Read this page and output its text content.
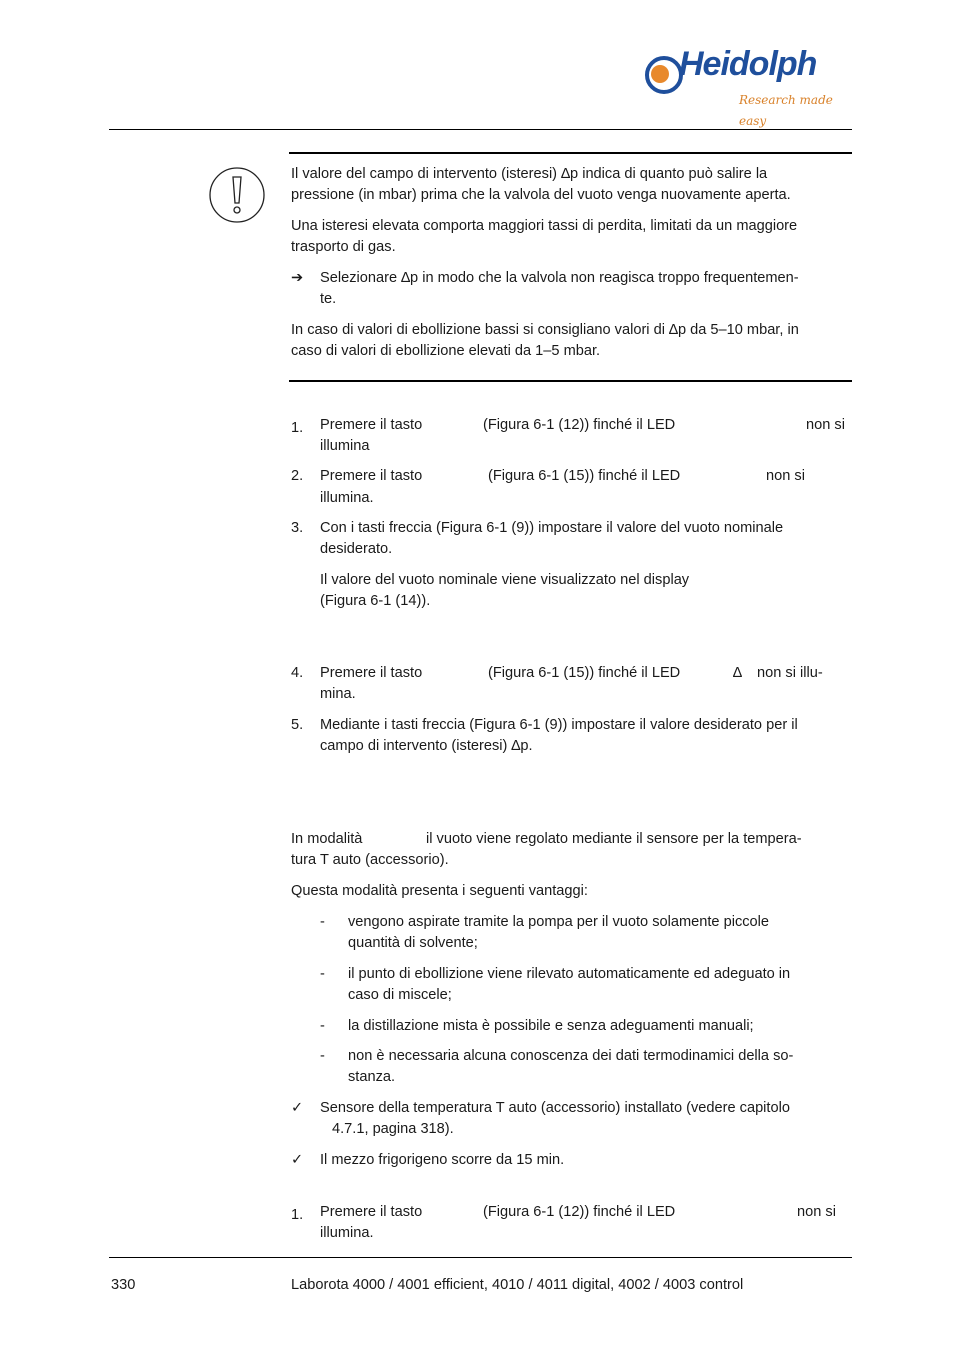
Heidolph
Research made easy
Il valore del campo di intervento (isteresi) ∆p indica di quanto può salire la
pressione (in mbar) prima che la valvola del vuoto venga nuovamente aperta.
Una isteresi elevata comporta maggiori tassi di perdita, limitati da un maggiore
trasporto di gas.
➔ Selezionare ∆p in modo che la valvola non reagisca troppo frequentemen-
te.
In caso di valori di ebollizione bassi si consigliano valori di ∆p da 5–10 mbar, in
caso di valori di ebollizione elevati da 1–5 mbar.
1. Premere il tasto	(Figura 6-1 (12)) finché il LED	non si
illumina
2. Premere il tasto	(Figura 6-1 (15)) finché il LED	non si
illumina.
3. Con i tasti freccia (Figura 6-1 (9)) impostare il valore del vuoto nominale
desiderato.
Il valore del vuoto nominale viene visualizzato nel display
(Figura 6-1 (14)).
4. Premere il tasto	(Figura 6-1 (15)) finché il LED	∆ non si illu-
mina.
5. Mediante i tasti freccia (Figura 6-1 (9)) impostare il valore desiderato per il
campo di intervento (isteresi) ∆p.
In modalità	il vuoto viene regolato mediante il sensore per la tempera-
tura T auto (accessorio).
Questa modalità presenta i seguenti vantaggi:
- vengono aspirate tramite la pompa per il vuoto solamente piccole
quantità di solvente;
- il punto di ebollizione viene rilevato automaticamente ed adeguato in
caso di miscele;
- la distillazione mista è possibile e senza adeguamenti manuali;
- non è necessaria alcuna conoscenza dei dati termodinamici della so-
stanza.
✓ Sensore della temperatura T auto (accessorio) installato (vedere capitolo
4.7.1, pagina 318).
✓ Il mezzo frigorigeno scorre da 15 min.
1. Premere il tasto	(Figura 6-1 (12)) finché il LED	non si
illumina.
330	Laborota 4000 / 4001 efficient, 4010 / 4011 digital, 4002 / 4003 control
